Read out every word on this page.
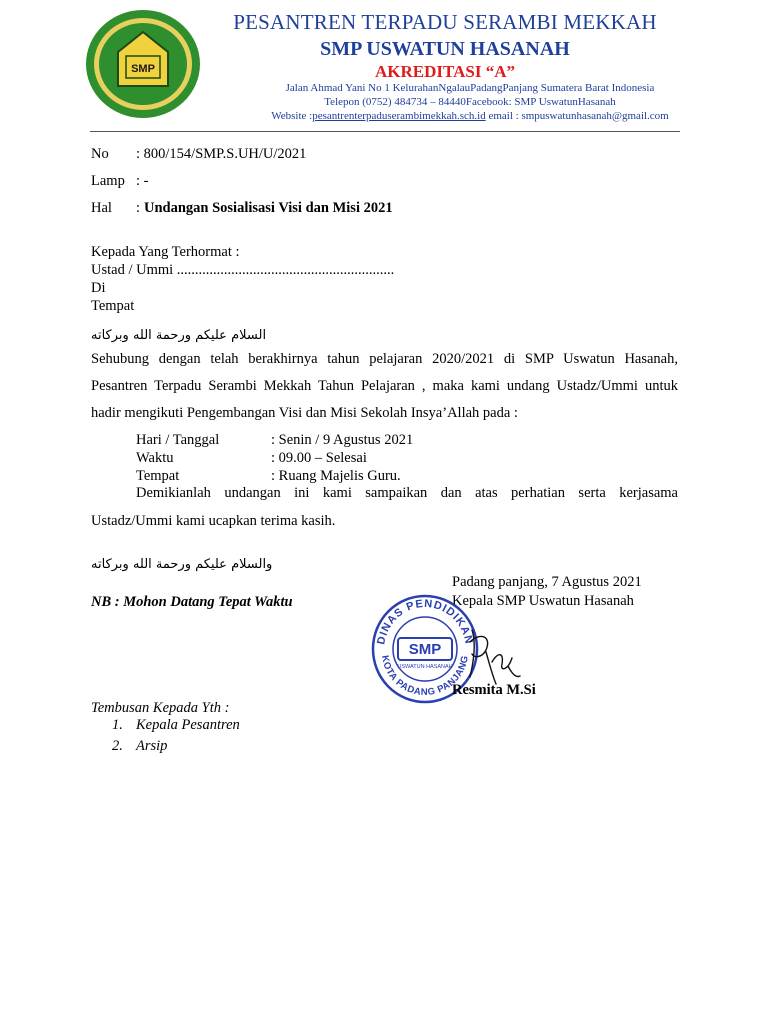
SMP
PESANTREN TERPADU SERAMBI MEKKAH
SMP USWATUN HASANAH
AKREDITASI “A”
Jalan Ahmad Yani No 1 KelurahanNgalauPadangPanjang Sumatera Barat Indonesia
Telepon (0752) 484734 – 84440Facebook: SMP UswatunHasanah
Website :pesantrenterpaduserambimekkah.sch.id email : smpuswatunhasanah@gmail.com
No : 800/154/SMP.S.UH/U/2021
Lamp : -
Hal : Undangan Sosialisasi Visi dan Misi 2021
Kepada Yang Terhormat :
Ustad / Ummi ............................................................
Di
Tempat
السلام عليكم ورحمة الله وبركاته
Sehubung dengan telah berakhirnya tahun pelajaran 2020/2021 di SMP Uswatun Hasanah,
Pesantren Terpadu Serambi Mekkah Tahun Pelajaran , maka kami undang Ustadz/Ummi untuk
hadir mengikuti Pengembangan Visi dan Misi Sekolah Insya’Allah pada :
Hari / Tanggal	: Senin / 9 Agustus 2021
Waktu	: 09.00 – Selesai
Tempat	: Ruang Majelis Guru.
Demikianlah undangan ini kami sampaikan dan atas perhatian serta kerjasama
Ustadz/Ummi kami ucapkan terima kasih.
والسلام عليكم ورحمة الله وبركاته
Padang panjang, 7 Agustus 2021
Kepala SMP Uswatun Hasanah
DINAS PENDIDIKAN
KOTA PADANG PANJANG
SMP
USWATUN HASANAH
Resmita M.Si
NB : Mohon Datang Tepat Waktu
Tembusan Kepada Yth :
1. Kepala Pesantren
2. Arsip
